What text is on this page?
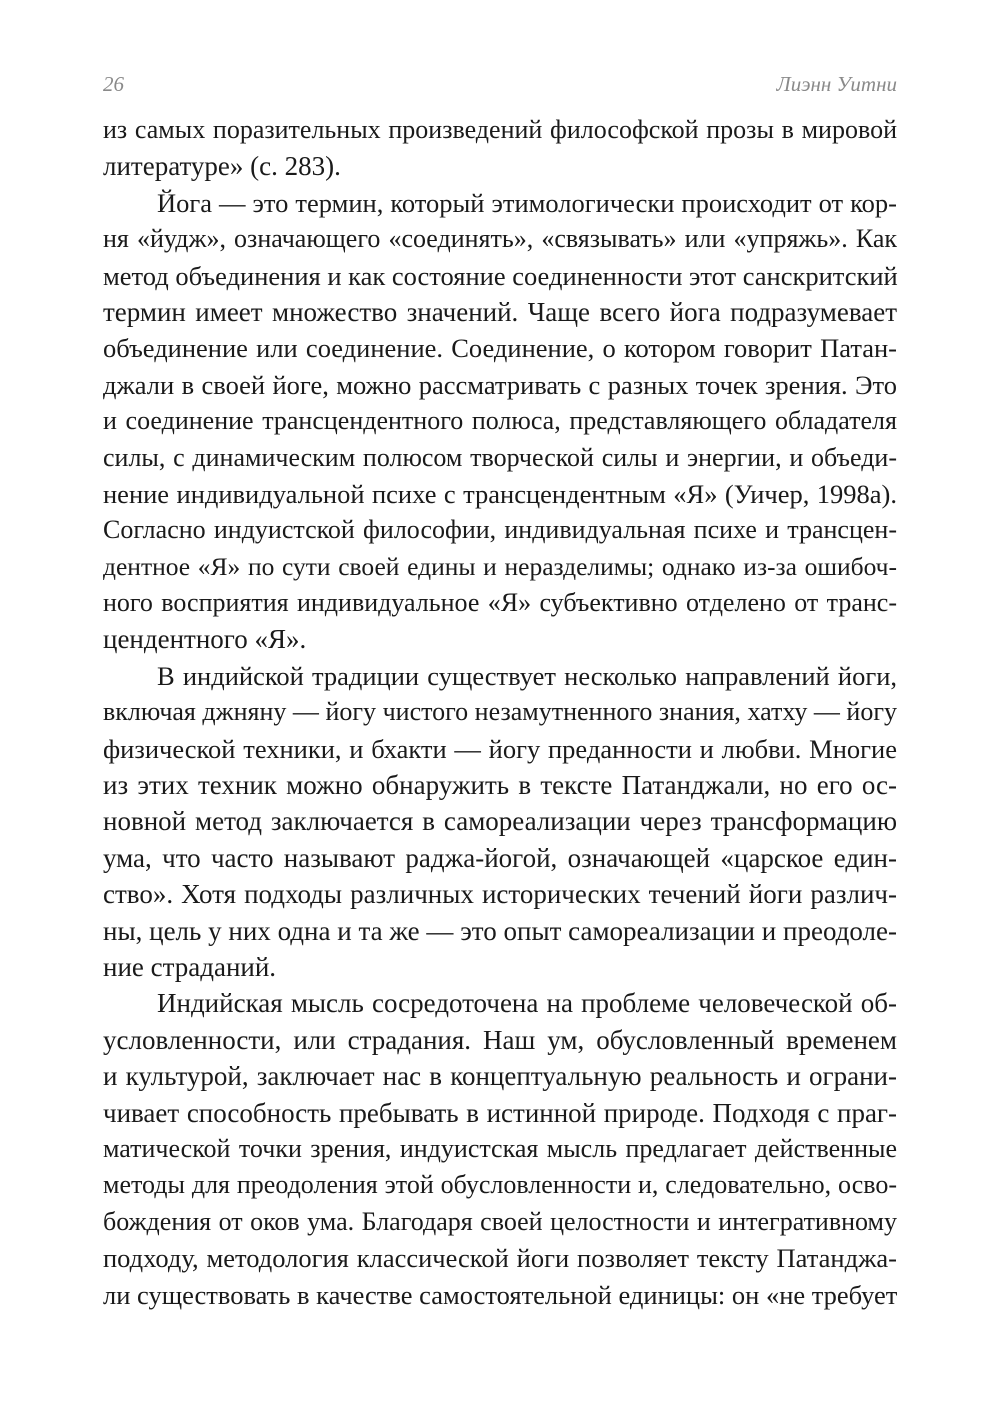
26	Лиэнн Уитни
из самых поразительных произведений философской прозы в мировой
литературе» (с. 283).
Йога — это термин, который этимологически происходит от кор-
ня «йудж», означающего «соединять», «связывать» или «упряжь». Как
метод объединения и как состояние соединенности этот санскритский
термин имеет множество значений. Чаще всего йога подразумевает
объединение или соединение. Соединение, о котором говорит Патан-
джали в своей йоге, можно рассматривать с разных точек зрения. Это
и соединение трансцендентного полюса, представляющего обладателя
силы, с динамическим полюсом творческой силы и энергии, и объеди-
нение индивидуальной психе с трансцендентным «Я» (Уичер, 1998a).
Согласно индуистской философии, индивидуальная психе и трансцен-
дентное «Я» по сути своей едины и неразделимы; однако из-за ошибоч-
ного восприятия индивидуальное «Я» субъективно отделено от транс-
цендентного «Я».
В индийской традиции существует несколько направлений йоги,
включая джняну — йогу чистого незамутненного знания, хатху — йогу
физической техники, и бхакти — йогу преданности и любви. Многие
из этих техник можно обнаружить в тексте Патанджали, но его ос-
новной метод заключается в самореализации через трансформацию
ума, что часто называют раджа-йогой, означающей «царское един-
ство». Хотя подходы различных исторических течений йоги различ-
ны, цель у них одна и та же — это опыт самореализации и преодоле-
ние страданий.
Индийская мысль сосредоточена на проблеме человеческой об-
условленности, или страдания. Наш ум, обусловленный временем
и культурой, заключает нас в концептуальную реальность и ограни-
чивает способность пребывать в истинной природе. Подходя с праг-
матической точки зрения, индуистская мысль предлагает действенные
методы для преодоления этой обусловленности и, следовательно, осво-
бождения от оков ума. Благодаря своей целостности и интегративному
подходу, методология классической йоги позволяет тексту Патанджа-
ли существовать в качестве самостоятельной единицы: он «не требует
